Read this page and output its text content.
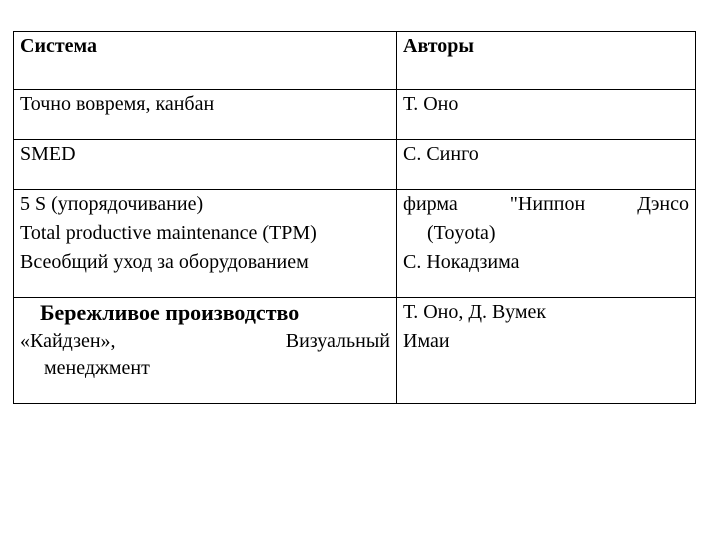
Система	Авторы

Точно вовремя, канбан	Т. Оно

SMED	С. Синго

5 S (упорядочивание)
Total productive maintenance (TPM)
Всеобщий уход за оборудованием	фирма "Ниппон Дэнсо
(Toyota)
С. Нокадзима

Бережливое производство
«Кайдзен», Визуальный
менеджмент	Т. Оно, Д. Вумек
Имаи
